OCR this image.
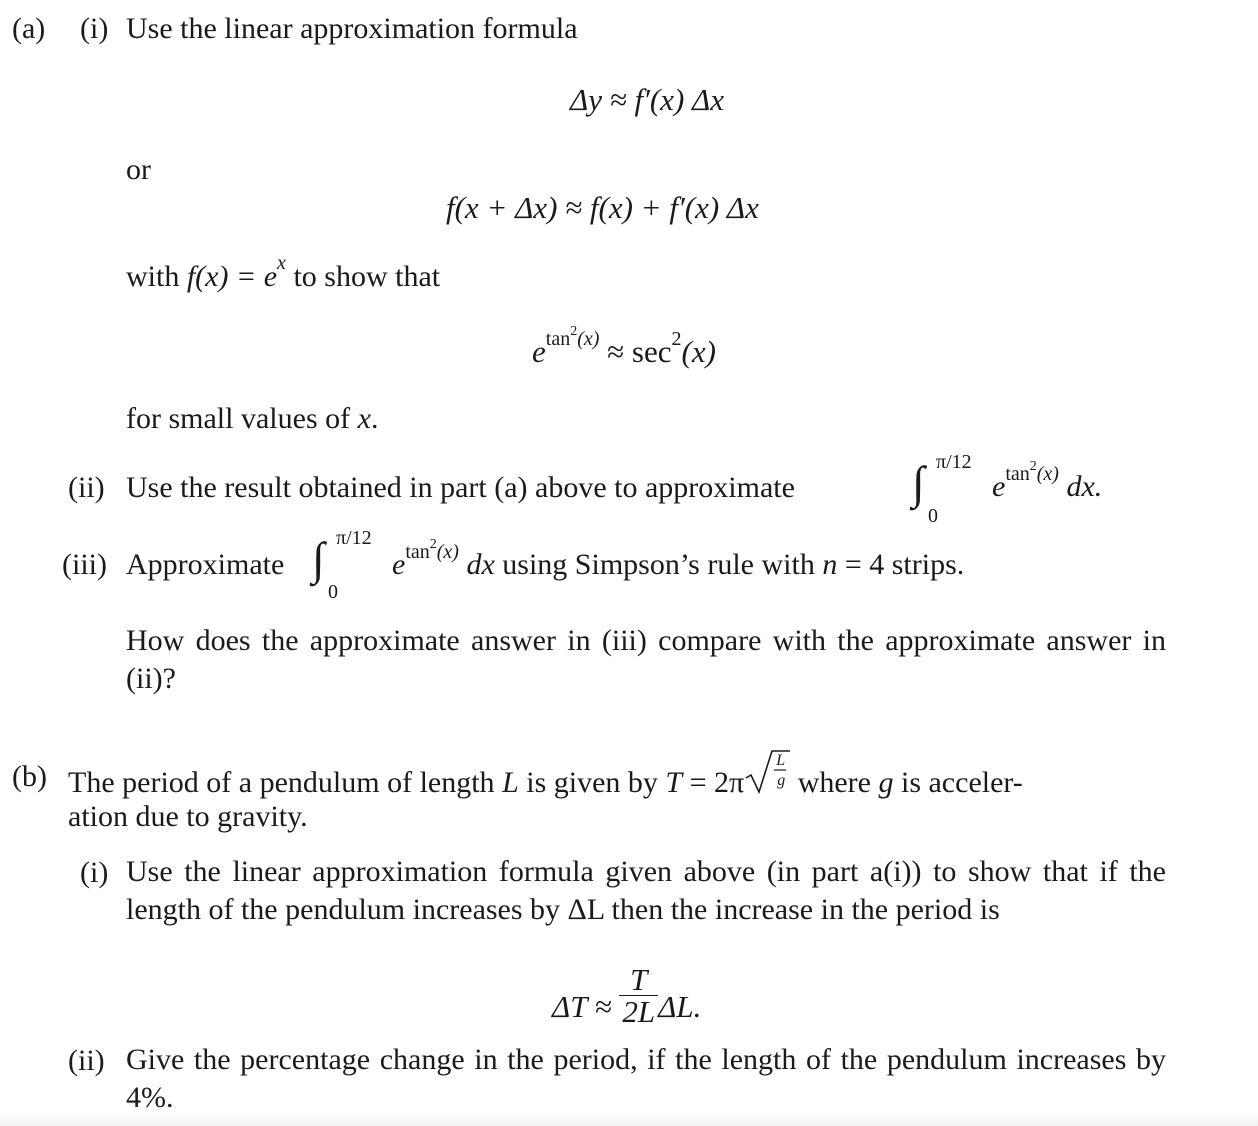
(a) (i) Use the linear approximation formula
Δy ≈ f′(x) Δx
or
f(x + Δx) ≈ f(x) + f′(x) Δx
with $f(x) = e^x$ to show that
$e^{tan^2(x)} \approx \sec^2(x)$
for small values of x.
(ii) Use the result obtained in part (a) above to approximate	∫ π/12
0
$e^{tan^2(x)}$ dx.
(iii) Approximate ∫ π/12
0
$e^{tan^2(x)}$ dx using Simpson’s rule with n = 4 strips.
How does the approximate answer in (iii) compare with the approximate answer in (ii)?
(b) The period of a pendulum of length L is given by T = 2π
L
g where g is acceler-
ation due to gravity.
(i) Use the linear approximation formula given above (in part a(i)) to show that if the length of the pendulum increases by ΔL then the increase in the period is
$\Delta T \approx \frac{T}{2L} \Delta L$.
(ii) Give the percentage change in the period, if the length of the pendulum increases by 4%.
